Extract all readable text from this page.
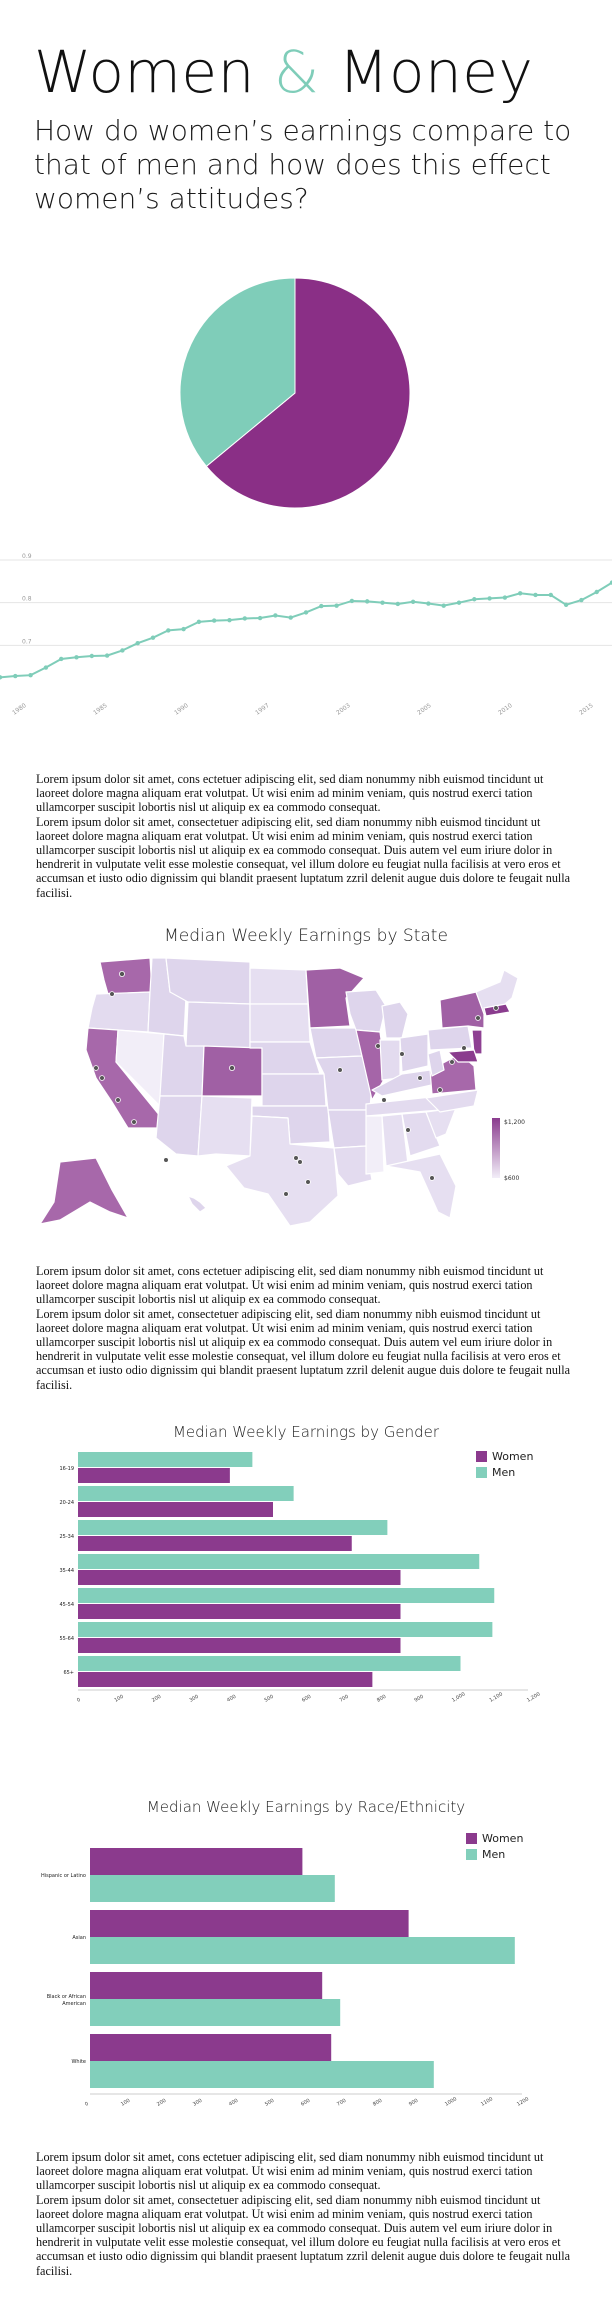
Women & Money
How do women’s earnings compare to that of men and how does this effect women’s attitudes?
0.9
0.8
0.7
1980	1985	1990	1997	2003	2005	2010	2015

Lorem ipsum dolor sit amet, cons ectetuer adipiscing elit, sed diam nonummy nibh euismod tincidunt ut laoreet dolore magna aliquam erat volutpat. Ut wisi enim ad minim veniam, quis nostrud exerci tation ullamcorper suscipit lobortis nisl ut aliquip ex ea commodo consequat.

Lorem ipsum dolor sit amet, consectetuer adipiscing elit, sed diam nonummy nibh euismod tincidunt ut laoreet dolore magna aliquam erat volutpat. Ut wisi enim ad minim veniam, quis nostrud exerci tation ullamcorper suscipit lobortis nisl ut aliquip ex ea commodo consequat. Duis autem vel eum iriure dolor in hendrerit in vulputate velit esse molestie consequat, vel illum dolore eu feugiat nulla facilisis at vero eros et accumsan et iusto odio dignissim qui blandit praesent luptatum zzril delenit augue duis dolore te feugait nulla facilisi.

Median Weekly Earnings by State
$1,200
$600

Lorem ipsum dolor sit amet, cons ectetuer adipiscing elit, sed diam nonummy nibh euismod tincidunt ut laoreet dolore magna aliquam erat volutpat. Ut wisi enim ad minim veniam, quis nostrud exerci tation ullamcorper suscipit lobortis nisl ut aliquip ex ea commodo consequat.

Lorem ipsum dolor sit amet, consectetuer adipiscing elit, sed diam nonummy nibh euismod tincidunt ut laoreet dolore magna aliquam erat volutpat. Ut wisi enim ad minim veniam, quis nostrud exerci tation ullamcorper suscipit lobortis nisl ut aliquip ex ea commodo consequat. Duis autem vel eum iriure dolor in hendrerit in vulputate velit esse molestie consequat, vel illum dolore eu feugiat nulla facilisis at vero eros et accumsan et iusto odio dignissim qui blandit praesent luptatum zzril delenit augue duis dolore te feugait nulla facilisi.

Median Weekly Earnings by Gender
Women
Men
16-19
20-24
25-34
35-44
45-54
55-64
65+
0	100	200	300	400	500	600	700	800	900	1,000	1,100	1,200
Median Weekly Earnings by Race/Ethnicity
Women
Men
Hispanic or Latino
Asian
Black or African
American
White
0	100	200	300	400	500	600	700	800	900	1000	1100	1200

Lorem ipsum dolor sit amet, cons ectetuer adipiscing elit, sed diam nonummy nibh euismod tincidunt ut laoreet dolore magna aliquam erat volutpat. Ut wisi enim ad minim veniam, quis nostrud exerci tation ullamcorper suscipit lobortis nisl ut aliquip ex ea commodo consequat.

Lorem ipsum dolor sit amet, consectetuer adipiscing elit, sed diam nonummy nibh euismod tincidunt ut laoreet dolore magna aliquam erat volutpat. Ut wisi enim ad minim veniam, quis nostrud exerci tation ullamcorper suscipit lobortis nisl ut aliquip ex ea commodo consequat. Duis autem vel eum iriure dolor in hendrerit in vulputate velit esse molestie consequat, vel illum dolore eu feugiat nulla facilisis at vero eros et accumsan et iusto odio dignissim qui blandit praesent luptatum zzril delenit augue duis dolore te feugait nulla facilisi.
